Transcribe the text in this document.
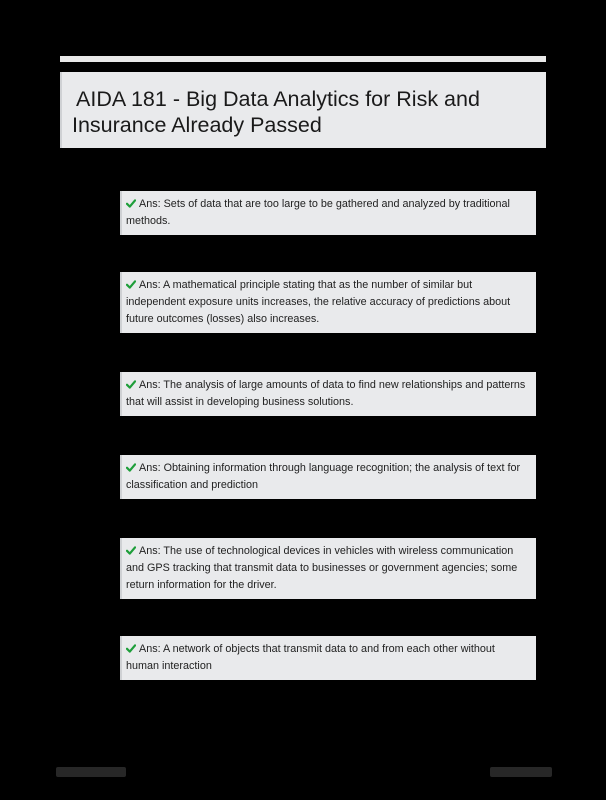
AIDA 181 - Big Data Analytics for Risk and Insurance Already Passed

Ans: Sets of data that are too large to be gathered and analyzed by traditional methods.

Ans: A mathematical principle stating that as the number of similar but independent exposure units increases, the relative accuracy of predictions about future outcomes (losses) also increases.

Ans: The analysis of large amounts of data to find new relationships and patterns that will assist in developing business solutions.

Ans: Obtaining information through language recognition; the analysis of text for classification and prediction

Ans: The use of technological devices in vehicles with wireless communication and GPS tracking that transmit data to businesses or government agencies; some return information for the driver.

Ans: A network of objects that transmit data to and from each other without human interaction
